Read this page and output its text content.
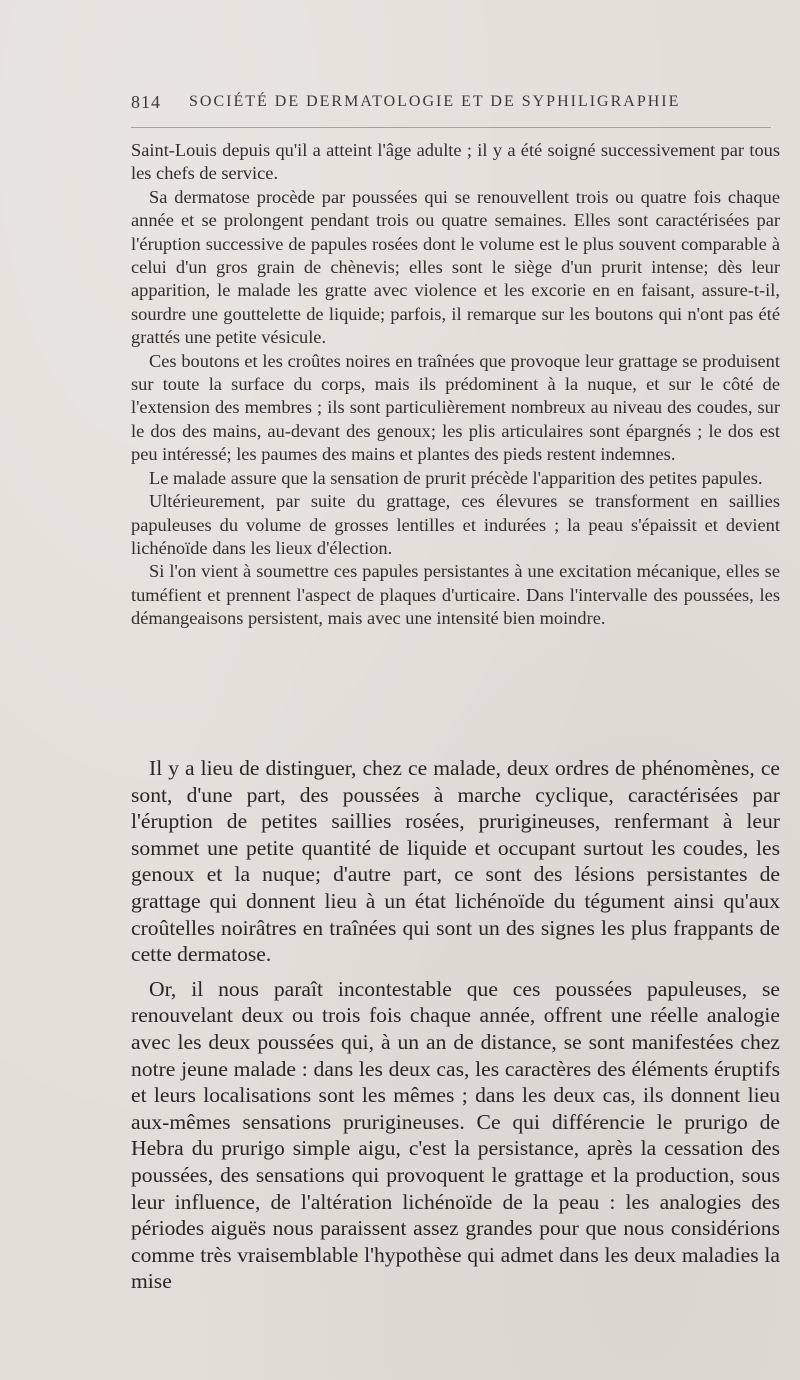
814	SOCIÉTÉ DE DERMATOLOGIE ET DE SYPHILIGRAPHIE

Saint-Louis depuis qu'il a atteint l'âge adulte ; il y a été soigné successivement par tous les chefs de service.

Sa dermatose procède par poussées qui se renouvellent trois ou quatre fois chaque année et se prolongent pendant trois ou quatre semaines. Elles sont caractérisées par l'éruption successive de papules rosées dont le volume est le plus souvent comparable à celui d'un gros grain de chènevis; elles sont le siège d'un prurit intense; dès leur apparition, le malade les gratte avec violence et les excorie en en faisant, assure-t-il, sourdre une gouttelette de liquide; parfois, il remarque sur les boutons qui n'ont pas été grattés une petite vésicule.

Ces boutons et les croûtes noires en traînées que provoque leur grattage se produisent sur toute la surface du corps, mais ils prédominent à la nuque, et sur le côté de l'extension des membres ; ils sont particulièrement nombreux au niveau des coudes, sur le dos des mains, au-devant des genoux; les plis articulaires sont épargnés ; le dos est peu intéressé; les paumes des mains et plantes des pieds restent indemnes.

Le malade assure que la sensation de prurit précède l'apparition des petites papules.

Ultérieurement, par suite du grattage, ces élevures se transforment en saillies papuleuses du volume de grosses lentilles et indurées ; la peau s'épaissit et devient lichénoïde dans les lieux d'élection.

Si l'on vient à soumettre ces papules persistantes à une excitation mécanique, elles se tuméfient et prennent l'aspect de plaques d'urticaire. Dans l'intervalle des poussées, les démangeaisons persistent, mais avec une intensité bien moindre.

Il y a lieu de distinguer, chez ce malade, deux ordres de phénomènes, ce sont, d'une part, des poussées à marche cyclique, caractérisées par l'éruption de petites saillies rosées, prurigineuses, renfermant à leur sommet une petite quantité de liquide et occupant surtout les coudes, les genoux et la nuque; d'autre part, ce sont des lésions persistantes de grattage qui donnent lieu à un état lichénoïde du tégument ainsi qu'aux croûtelles noirâtres en traînées qui sont un des signes les plus frappants de cette dermatose.

Or, il nous paraît incontestable que ces poussées papuleuses, se renouvelant deux ou trois fois chaque année, offrent une réelle analogie avec les deux poussées qui, à un an de distance, se sont manifestées chez notre jeune malade : dans les deux cas, les caractères des éléments éruptifs et leurs localisations sont les mêmes ; dans les deux cas, ils donnent lieu aux-mêmes sensations prurigineuses. Ce qui différencie le prurigo de Hebra du prurigo simple aigu, c'est la persistance, après la cessation des poussées, des sensations qui provoquent le grattage et la production, sous leur influence, de l'altération lichénoïde de la peau : les analogies des périodes aiguës nous paraissent assez grandes pour que nous considérions comme très vraisemblable l'hypothèse qui admet dans les deux maladies la mise
